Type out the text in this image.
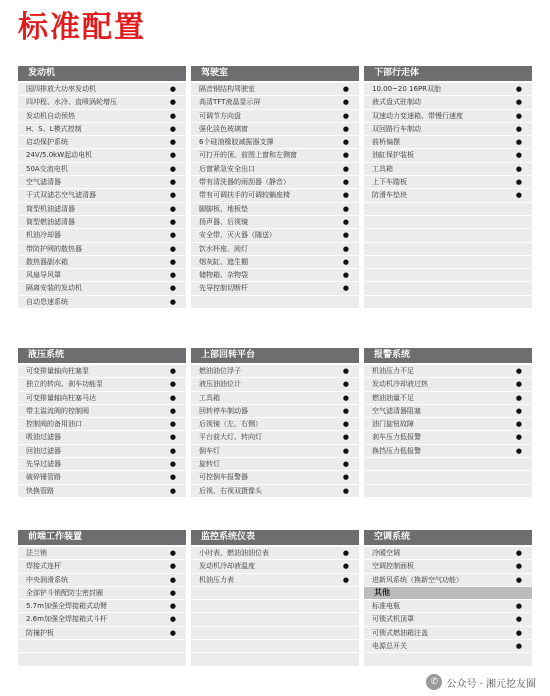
标准配置
发动机
国四排放大功率发动机	●
四冲程、水冷、直喷涡轮增压	●
发动机自动预热	●
H、S、L模式控制	●
启动保护系统	●
24V/5.0kW起动电机	●
50A交流电机	●
空气滤清器	●
干式双滤芯空气滤清器	●
筒型机油滤清器	●
筒型燃油滤清器	●
机油冷却器	●
带防护网的散热器	●
散热器副水箱	●
风扇导风罩	●
隔离安装的发动机	●
自动怠速系统	●
驾驶室
隔音钢结构驾驶室	●
高清TFT液晶显示屏	●
可调节方向盘	●
强化淡色玻璃窗	●
6个硅油橡胶减振器支撑	●
可打开的顶、前图上窗和左侧窗	●
后窗紧急安全出口	●
带有清洗器的雨刮器（静音）	●
带有可调扶手的可调较躺座椅	●
脚脚板、地板垫	●
扬声器、后视镜	●
安全带、灭火器（随送）	●
饮水杯座、阅灯	●
烟灰缸、遮生棚	●
储物箱、杂物袋	●
先导控制切断杆	●
下部行走体
10.00~20 16PR双胎	●
液式盘式驻制动	●
双速动力变速箱、带慢行速度	●
双回路行车制动	●
前桥偏摆	●
油缸保护装板	●
工具箱	●
上下车踏板	●
防滑车垫块	●
液压系统
可变排量轴向柱塞泵	●
独立的转向、刹车功能泵	●
可变排量轴向柱塞马达	●
带主溢流阀的控制阀	●
控制阀的备用油口	●
吸油过滤器	●
回油过滤器	●
先导过滤器	●
破碎锤管路	●
快换管路	●
上部回转平台
燃油油位浮子	●
液压油油位计	●
工具箱	●
回转停车制动器	●
后视镜（左、右侧）	●
平台前大灯、转向灯	●
倒车灯	●
旋转灯	●
可控倒车报警器	●
后视、右视双摄像头	●
报警系统
机油压力不足	●
发动机冷却液过热	●
燃油油量不足	●
空气滤清器阻塞	●
油门旋钮故障	●
刹车压力低报警	●
换挡压力低报警	●
前端工作装置
法兰销	●
焊接式连杆	●
中央润滑系统	●
全部铲斗销配防尘密封圈	●
5.7m加强全焊接箱式动臂	●
2.6m加强全焊接箱式斗杆	●
防撞护板	●
监控系统仪表
小时表、燃油油油位表	●
发动机冷却液温度	●
机油压力表	●
空调系统
冷暖空调	●
空调控制面板	●
进新风系统（换新空气功能）	●
其他
标准电瓶	●
可锁式机顶罩	●
可锁式燃油箱注盖	●
电源总开关	●
✆ 公众号 · 湘元挖友圈
